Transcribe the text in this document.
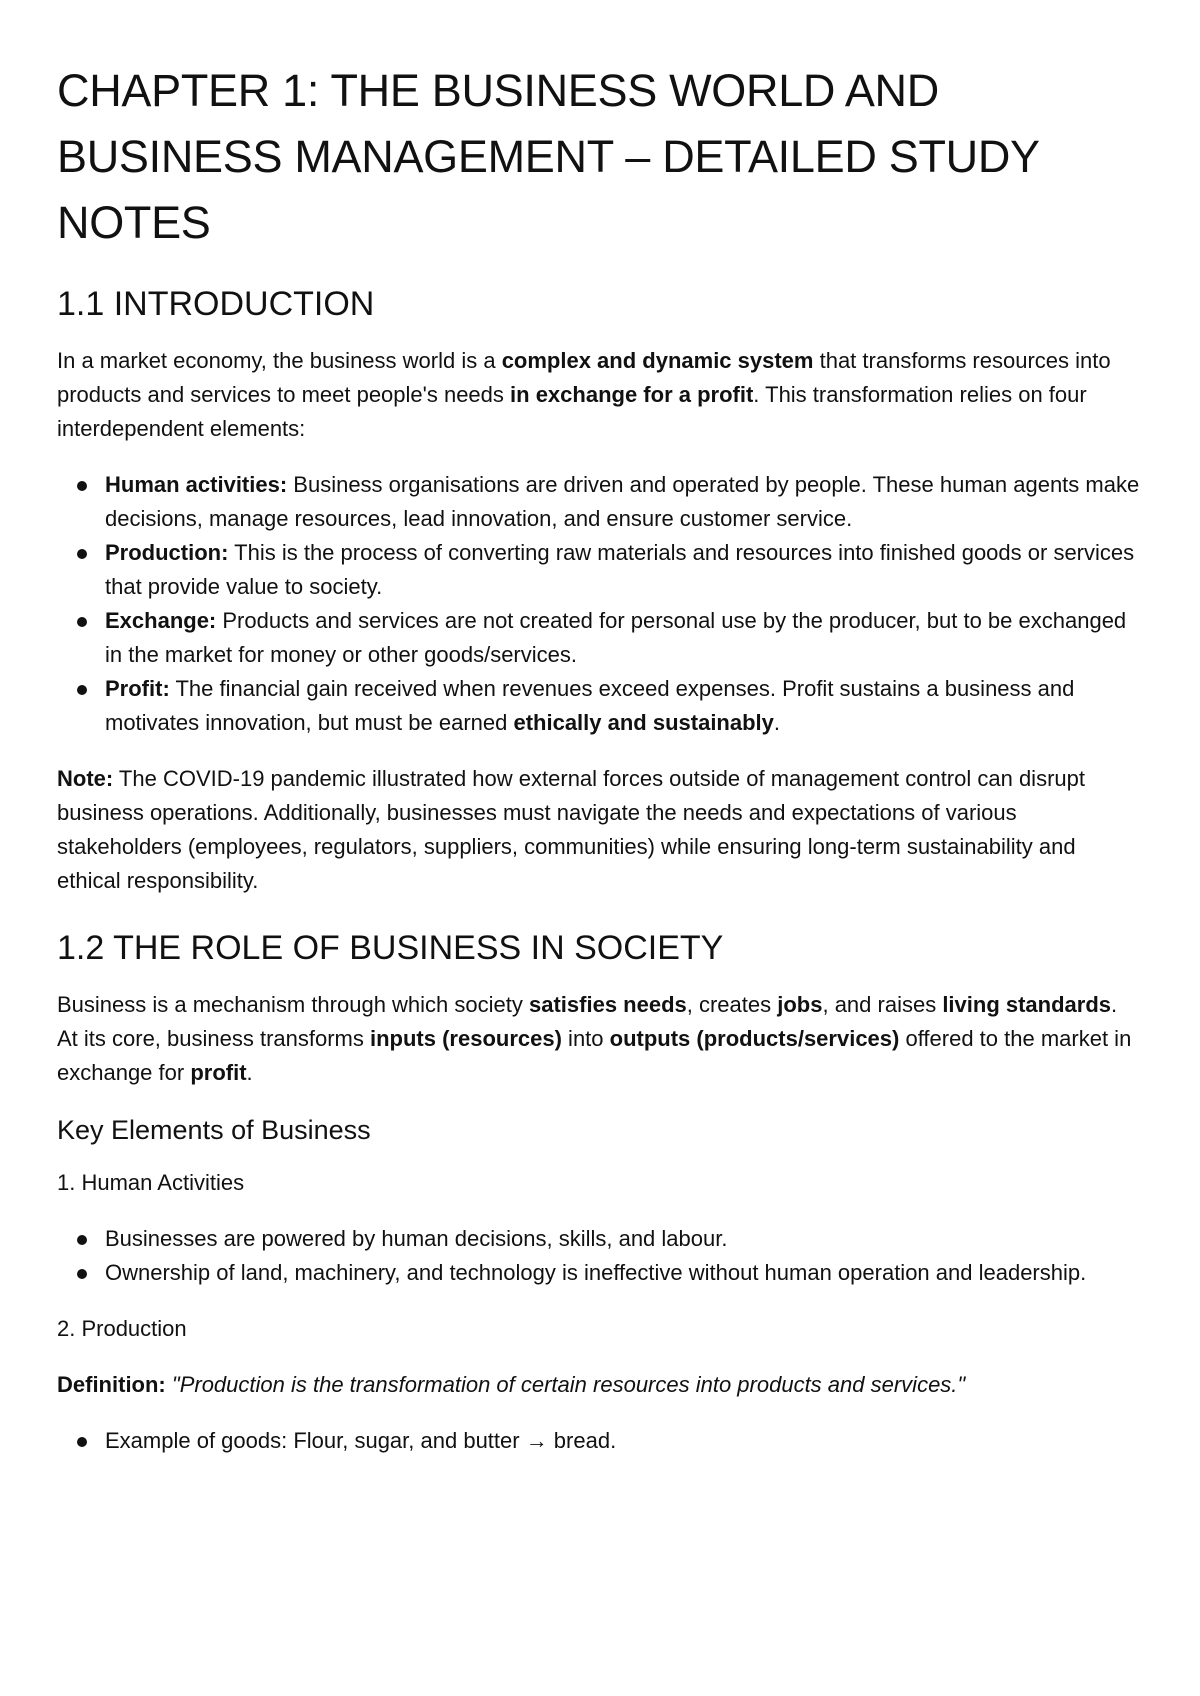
CHAPTER 1: THE BUSINESS WORLD AND BUSINESS MANAGEMENT – DETAILED STUDY NOTES
1.1 INTRODUCTION

In a market economy, the business world is a complex and dynamic system that transforms resources into products and services to meet people's needs in exchange for a profit. This transformation relies on four interdependent elements:

Human activities: Business organisations are driven and operated by people. These human agents make decisions, manage resources, lead innovation, and ensure customer service.
Production: This is the process of converting raw materials and resources into finished goods or services that provide value to society.
Exchange: Products and services are not created for personal use by the producer, but to be exchanged in the market for money or other goods/services.
Profit: The financial gain received when revenues exceed expenses. Profit sustains a business and motivates innovation, but must be earned ethically and sustainably.

Note: The COVID-19 pandemic illustrated how external forces outside of management control can disrupt business operations. Additionally, businesses must navigate the needs and expectations of various stakeholders (employees, regulators, suppliers, communities) while ensuring long-term sustainability and ethical responsibility.

1.2 THE ROLE OF BUSINESS IN SOCIETY

Business is a mechanism through which society satisfies needs, creates jobs, and raises living standards. At its core, business transforms inputs (resources) into outputs (products/services) offered to the market in exchange for profit.

Key Elements of Business

1. Human Activities

Businesses are powered by human decisions, skills, and labour.
Ownership of land, machinery, and technology is ineffective without human operation and leadership.

2. Production

Definition: "Production is the transformation of certain resources into products and services."

Example of goods: Flour, sugar, and butter → bread.
